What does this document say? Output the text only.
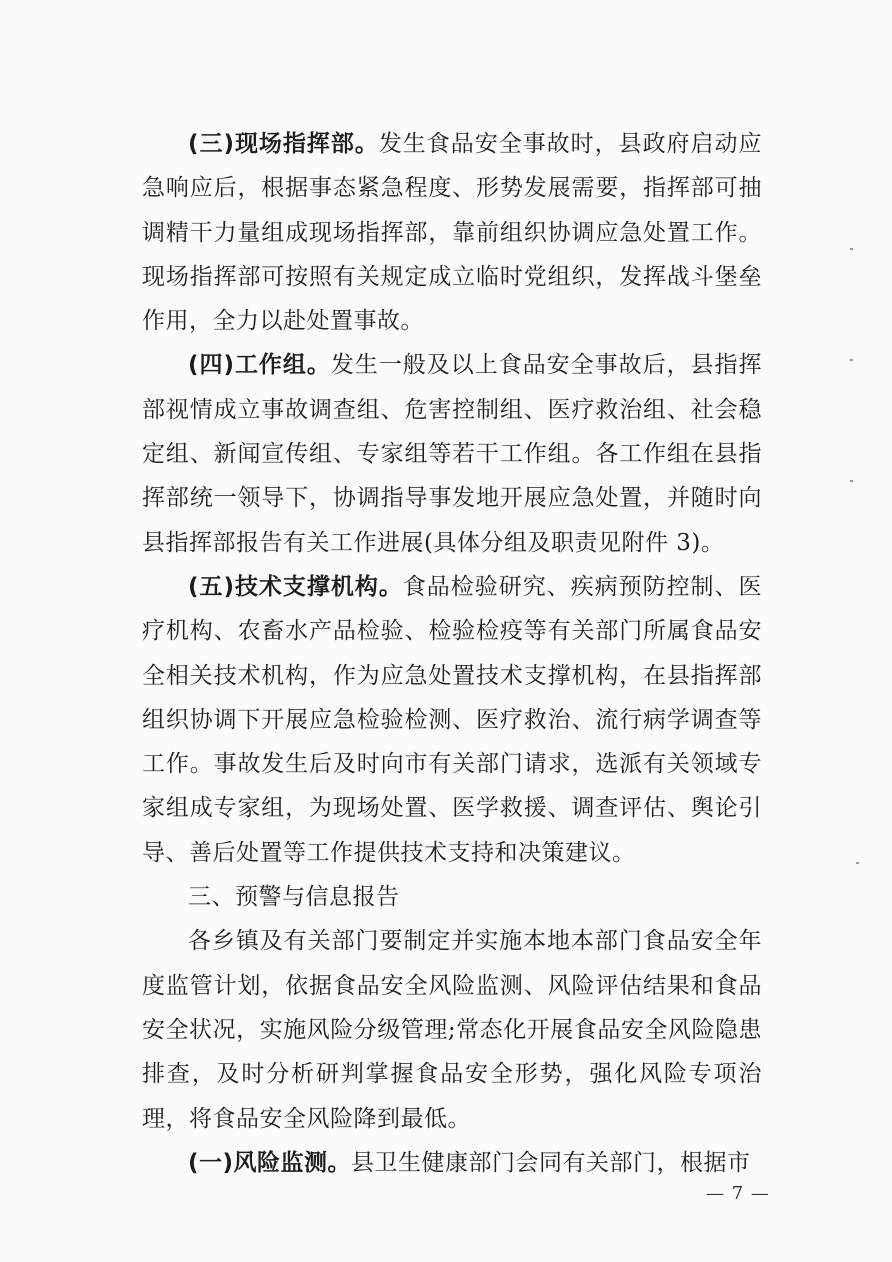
(三)现场指挥部。发生食品安全事故时，县政府启动应急响应后，根据事态紧急程度、形势发展需要，指挥部可抽调精干力量组成现场指挥部，靠前组织协调应急处置工作。现场指挥部可按照有关规定成立临时党组织，发挥战斗堡垒作用，全力以赴处置事故。

(四)工作组。发生一般及以上食品安全事故后，县指挥部视情成立事故调查组、危害控制组、医疗救治组、社会稳定组、新闻宣传组、专家组等若干工作组。各工作组在县指挥部统一领导下，协调指导事发地开展应急处置，并随时向县指挥部报告有关工作进展(具体分组及职责见附件 3)。

(五)技术支撑机构。食品检验研究、疾病预防控制、医疗机构、农畜水产品检验、检验检疫等有关部门所属食品安全相关技术机构，作为应急处置技术支撑机构，在县指挥部组织协调下开展应急检验检测、医疗救治、流行病学调查等工作。事故发生后及时向市有关部门请求，选派有关领域专家组成专家组，为现场处置、医学救援、调查评估、舆论引导、善后处置等工作提供技术支持和决策建议。

三、预警与信息报告

各乡镇及有关部门要制定并实施本地本部门食品安全年度监管计划，依据食品安全风险监测、风险评估结果和食品安全状况，实施风险分级管理;常态化开展食品安全风险隐患排查，及时分析研判掌握食品安全形势，强化风险专项治理，将食品安全风险降到最低。

(一)风险监测。县卫生健康部门会同有关部门，根据市

— 7 —
